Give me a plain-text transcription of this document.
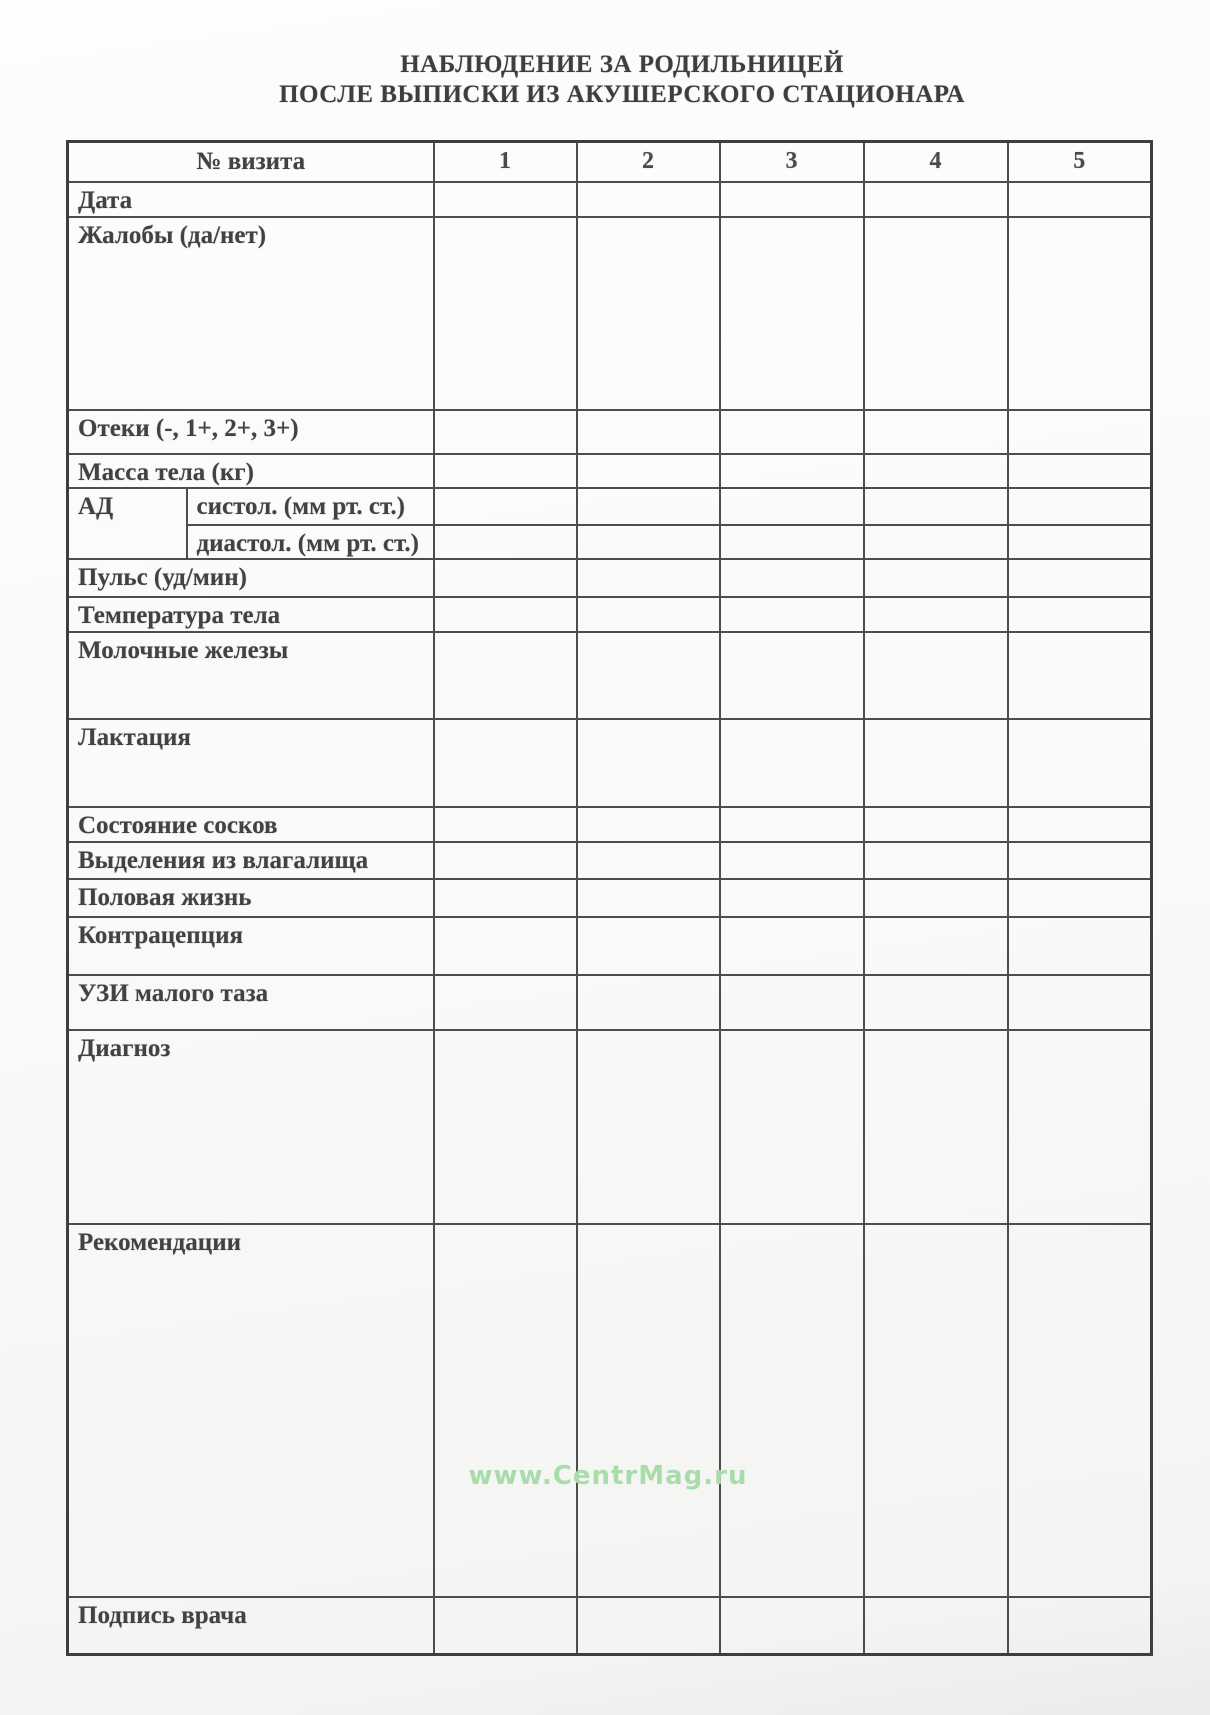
НАБЛЮДЕНИЕ ЗА РОДИЛЬНИЦЕЙ
ПОСЛЕ ВЫПИСКИ ИЗ АКУШЕРСКОГО СТАЦИОНАРА
№ визита		1	2	3	4	5
Дата						
Жалобы (да/нет)						
Отеки (-, 1+, 2+, 3+)						
Масса тела (кг)						
АД	систол. (мм рт. ст.)					
	диастол. (мм рт. ст.)					
Пульс (уд/мин)						
Температура тела						
Молочные железы						
Лактация						
Состояние сосков						
Выделения из влагалища						
Половая жизнь						
Контрацепция						
УЗИ малого таза						
Диагноз						
Рекомендации						
Подпись врача						
www.CentrMag.ru
